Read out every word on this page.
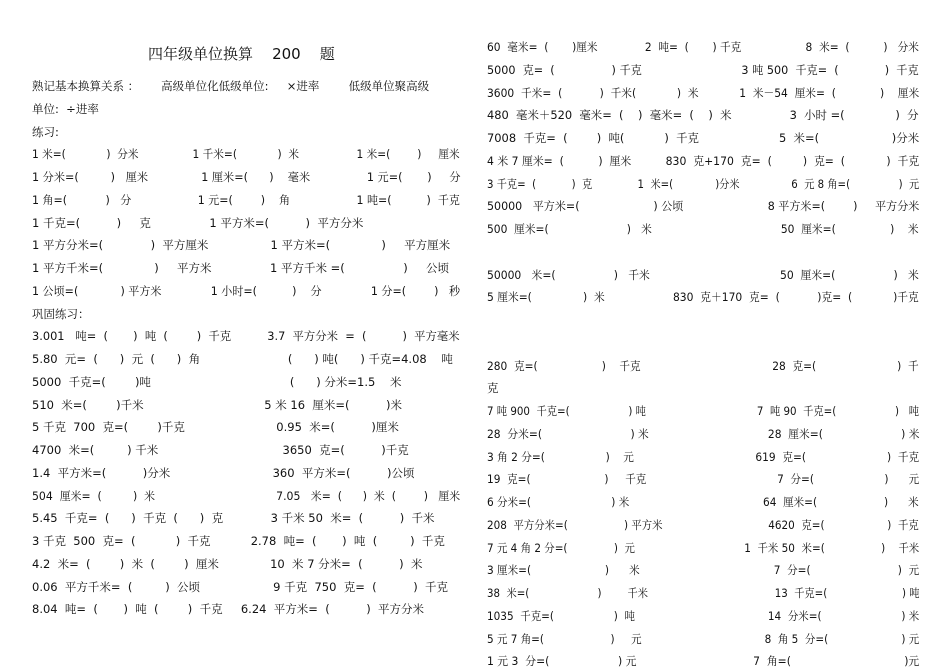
四年级单位换算    200    题
熟记基本换算关系 ：      高级单位化低级单位:     ×进率        低级单位聚高级
单位:  ÷进率
练习:
1 米=(            )  分米                1 千米=(            )  米                 1 米=(        )     厘米
1 分米=(         )   厘米               1 厘米=(      )    毫米                1 元=(       )     分
1 角=(           )   分                   1 元=(        )    角                   1 吨=(          )  千克
1 千克=(          )     克                1 平方米=(          )  平方分米
1 平方分米=(             )  平方厘米                 1 平方米=(              )     平方厘米
1 平方千米=(              )     平方米                1 平方千米 =(                )     公顷
1 公顷=(            ) 平方米              1 小时=(          )    分              1 分=(        )   秒
巩固练习：
3.001   吨=  (       )  吨  (        )  千克          3.7  平方分米  =  (          )  平方毫米
5.80  元=  (      )  元  (      )  角                        (      ) 吨(      ) 千克=4.08    吨
5000  千克=(        )吨                                      (      ) 分米=1.5    米
510  米=(        )千米                                 5 米 16  厘米=(          )米
5 千克  700  克=(        )千克                         0.95  米=(          )厘米
4700  米=(         ) 千米                                  3650  克=(          )千克
1.4  平方米=(          )分米                            360  平方米=(          )公顷
504  厘米=  (         )  米                                   7.05   米=  (      )  米  (        )   厘米
5.45  千克=  (      )  千克  (      )  克             3 千米 50  米=  (          )  千米
3 千克  500  克=  (           )  千克           2.78  吨=  (       )  吨  (         )  千克
4.2  米=  (        )  米  (        )  厘米              10  米 7 分米=  (          )  米
0.06  平方千米=  (         )  公顷                    9 千克  750  克=  (          )  千克
8.04  吨=  (       )  吨  (        )  千克     6.24  平方米=  (          )  平方分米
60  毫米=  (       )厘米              2  吨=  (       ) 千克                   8  米=  (          )   分米
5000  克=  (                ) 千克                            3 吨 500  千克=  (             )  千克
3600  千米=  (           )  千米(            )  米            1  米－54  厘米=  (             )    厘米
480  毫米＋520  毫米=  (    )  毫米=  (    )  米                3  小时 =(              )  分
7008  千克=  (        )  吨(           )  千克                      5  米=(                    )分米
4 米 7 厘米=  (          )  厘米          830  克+170  克=  (         )  克=  (            )  千克
3 千克=  (           )  克              1  米=(             )分米                6  元 8 角=(               )  元
50000   平方米=(                     ) 公顷                        8 平方米=(        )     平方分米
500  厘米=(                       )   米                                      50  厘米=(                )    米
50000   米=(                 )   千米                                      50  厘米=(                 )   米
5 厘米=(               )  米                    830  克＋170  克=  (           )克=  (            )千克
280  克=(                   )    千克                                       28  克=(                        )  千
克
7 吨 900  千克=(                  ) 吨                                  7  吨 90  千克=(                  )   吨
28  分米=(                          ) 米                                   28  厘米=(                       ) 米
3 角 2 分=(                  )    元                                    619  克=(                        )  千克
19  克=(                      )     千克                                       7  分=(                     )      元
6 分米=(                        ) 米                                        64  厘米=(                    )      米
208  平方分米=(                 ) 平方米                                4620  克=(                   )  千克
7 元 4 角 2 分=(              )  元                                 1  千米 50  米=(                 )    千米
3 厘米=(                      )      米                                        7  分=(                          )  元
38  米=(                     )        千米                                       13  千克=(                       ) 吨
1035  千克=(                  )  吨                                        14  分米=(                        ) 米
5 元 7 角=(                    )     元                                     8  角 5  分=(                      ) 元
1 元 3  分=(                    ) 元                                  7  角=(                                 )元
